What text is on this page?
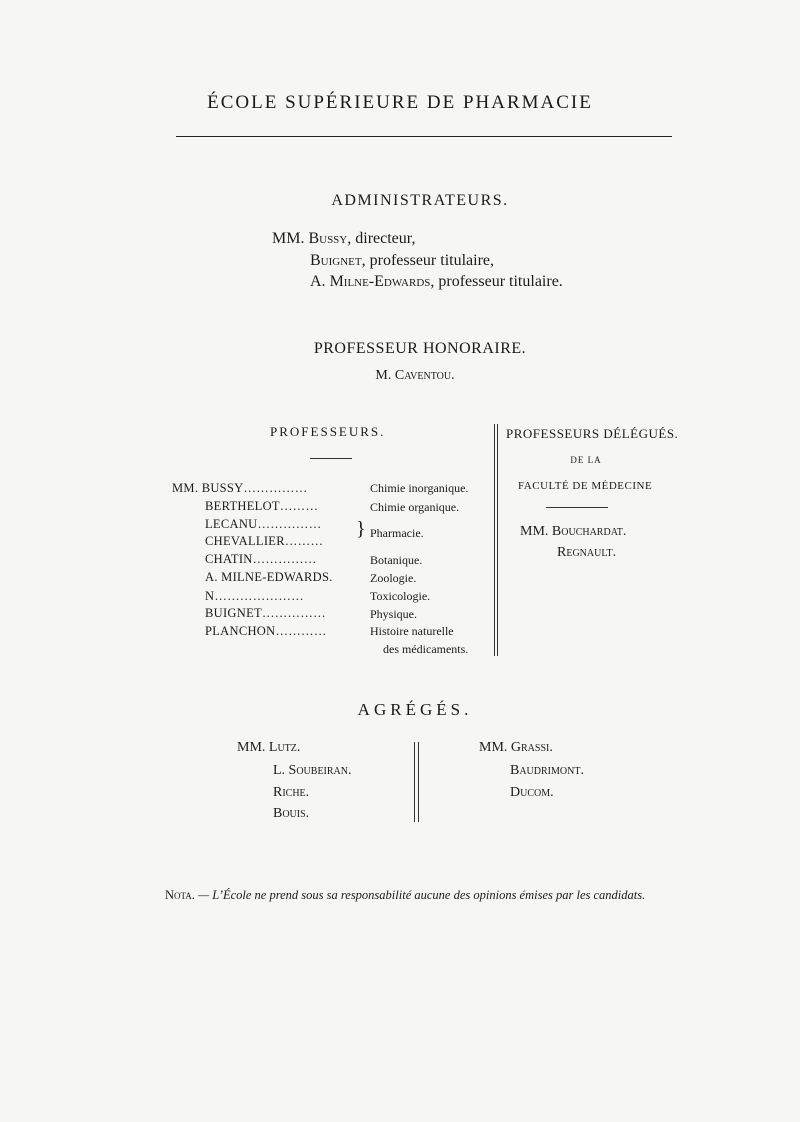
ÉCOLE SUPÉRIEURE DE PHARMACIE
ADMINISTRATEURS.
MM. Bussy, directeur,
Buignet, professeur titulaire,
A. Milne-Edwards, professeur titulaire.
PROFESSEUR HONORAIRE.
M. Caventou.
PROFESSEURS.
MM. BUSSY……………
BERTHELOT………
LECANU……………
CHEVALLIER………
CHATIN……………
A. MILNE-EDWARDS.
N…………………
BUIGNET……………
PLANCHON…………
Chimie inorganique.
Chimie organique.
} Pharmacie.
Botanique.
Zoologie.
Toxicologie.
Physique.
Histoire naturelle
des médicaments.
PROFESSEURS DÉLÉGUÉS.
DE LA
FACULTÉ DE MÉDECINE
MM. Bouchardat.
Regnault.
AGRÉGÉS.
MM. Lutz.
L. Soubeiran.
Riche.
Bouis.
MM. Grassi.
Baudrimont.
Ducom.
Nota. — L’École ne prend sous sa responsabilité aucune des opinions émises par les candidats.
